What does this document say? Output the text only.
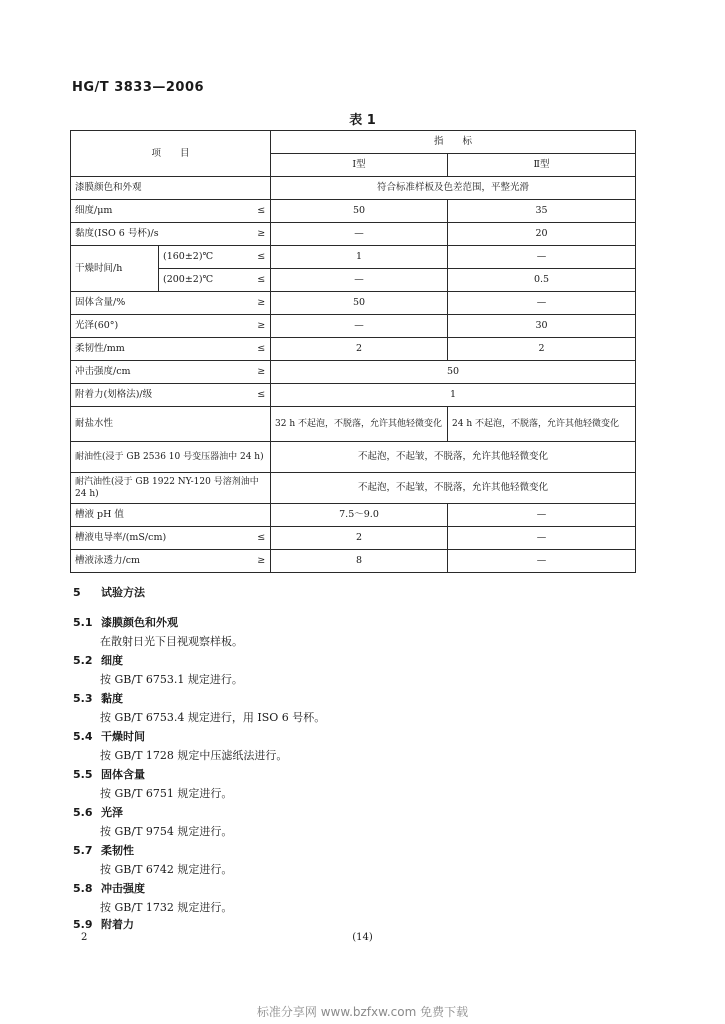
HG/T 3833—2006
表 1
项　　目			指　　标	
			Ⅰ型	Ⅱ型
漆膜颜色和外观			符合标准样板及色差范围，平整光滑	
细度/μm		≤	50	35
黏度(ISO 6 号杯)/s		≥	—	20
干燥时间/h	(160±2)℃	≤	1	—
	(200±2)℃	≤	—	0.5
固体含量/%		≥	50	—
光泽(60°)		≥	—	30
柔韧性/mm		≤	2	2
冲击强度/cm		≥	50	
附着力(划格法)/级		≤	1	
耐盐水性			32 h 不起泡，不脱落，允许其他轻微变化	24 h 不起泡，不脱落，允许其他轻微变化
耐油性(浸于 GB 2536 10 号变压器油中 24 h)			不起泡，不起皱，不脱落，允许其他轻微变化	
耐汽油性(浸于 GB 1922 NY-120 号溶剂油中 24 h)			不起泡，不起皱，不脱落，允许其他轻微变化	
槽液 pH 值			7.5～9.0	—
槽液电导率/(mS/cm)		≤	2	—
槽液泳透力/cm		≥	8	—
5 试验方法
5.1 漆膜颜色和外观
在散射日光下目视观察样板。
5.2 细度
按 GB/T 6753.1 规定进行。
5.3 黏度
按 GB/T 6753.4 规定进行，用 ISO 6 号杯。
5.4 干燥时间
按 GB/T 1728 规定中压滤纸法进行。
5.5 固体含量
按 GB/T 6751 规定进行。
5.6 光泽
按 GB/T 9754 规定进行。
5.7 柔韧性
按 GB/T 6742 规定进行。
5.8 冲击强度
按 GB/T 1732 规定进行。
5.9 附着力
2	(14)
标准分享网 www.bzfxw.com 免费下载
